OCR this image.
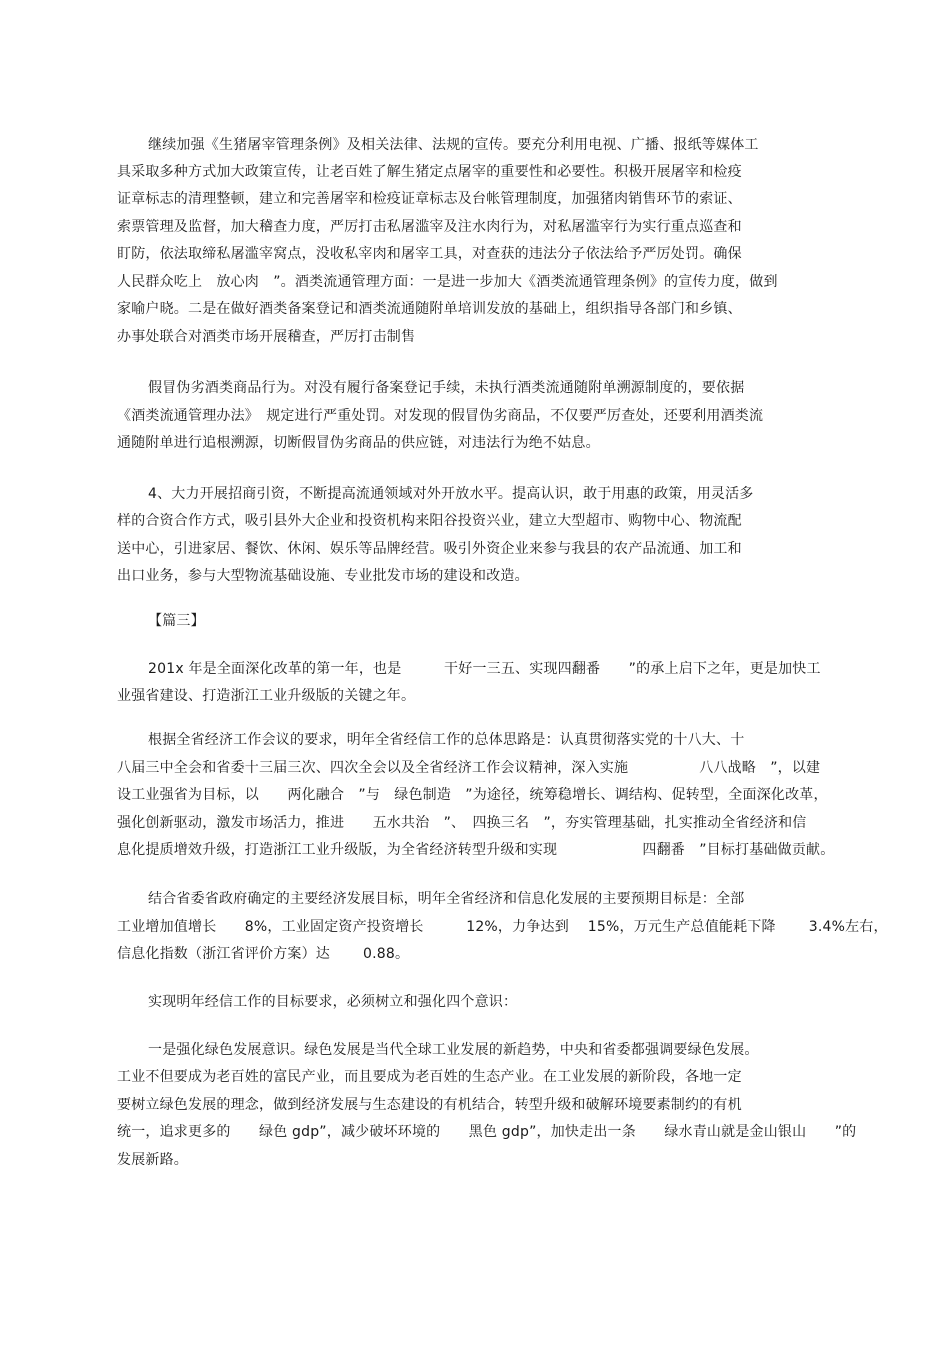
继续加强《生猪屠宰管理条例》及相关法律、法规的宣传。要充分利用电视、广播、报纸等媒体工
具采取多种方式加大政策宣传，让老百姓了解生猪定点屠宰的重要性和必要性。积极开展屠宰和检疫
证章标志的清理整顿，建立和完善屠宰和检疫证章标志及台帐管理制度，加强猪肉销售环节的索证、
索票管理及监督，加大稽查力度，严厉打击私屠滥宰及注水肉行为，对私屠滥宰行为实行重点巡查和
盯防，依法取缔私屠滥宰窝点，没收私宰肉和屠宰工具，对查获的违法分子依法给予严厉处罚。确保
人民群众吃上　放心肉　”。酒类流通管理方面：一是进一步加大《酒类流通管理条例》的宣传力度，做到
家喻户晓。二是在做好酒类备案登记和酒类流通随附单培训发放的基础上，组织指导各部门和乡镇、
办事处联合对酒类市场开展稽查，严厉打击制售
假冒伪劣酒类商品行为。对没有履行备案登记手续，未执行酒类流通随附单溯源制度的，要依据
《酒类流通管理办法》　规定进行严重处罚。对发现的假冒伪劣商品，不仅要严厉查处，还要利用酒类流
通随附单进行追根溯源，切断假冒伪劣商品的供应链，对违法行为绝不姑息。
4、大力开展招商引资，不断提高流通领域对外开放水平。提高认识，敢于用惠的政策，用灵活多
样的合资合作方式，吸引县外大企业和投资机构来阳谷投资兴业，建立大型超市、购物中心、物流配
送中心，引进家居、餐饮、休闲、娱乐等品牌经营。吸引外资企业来参与我县的农产品流通、加工和
出口业务，参与大型物流基础设施、专业批发市场的建设和改造。
【篇三】
201x 年是全面深化改革的第一年，也是　　　干好一三五、实现四翻番　　”的承上启下之年，更是加快工
业强省建设、打造浙江工业升级版的关键之年。
根据全省经济工作会议的要求，明年全省经信工作的总体思路是：认真贯彻落实党的十八大、十
八届三中全会和省委十三届三次、四次全会以及全省经济工作会议精神，深入实施　　　　　八八战略　”，以建
设工业强省为目标，以　　两化融合　”与　绿色制造　”为途径，统筹稳增长、调结构、促转型，全面深化改革，
强化创新驱动，激发市场活力，推进　　五水共治　”、　四换三名　”，夯实管理基础，扎实推动全省经济和信
息化提质增效升级，打造浙江工业升级版，为全省经济转型升级和实现　　　　　　四翻番　”目标打基础做贡献。
结合省委省政府确定的主要经济发展目标，明年全省经济和信息化发展的主要预期目标是：全部
工业增加值增长　　8%，工业固定资产投资增长　　　12%，力争达到　 15%，万元生产总值能耗下降　　 3.4%左右，
信息化指数（浙江省评价方案）达　　 0.88。
实现明年经信工作的目标要求，必须树立和强化四个意识：
一是强化绿色发展意识。绿色发展是当代全球工业发展的新趋势，中央和省委都强调要绿色发展。
工业不但要成为老百姓的富民产业，而且要成为老百姓的生态产业。在工业发展的新阶段，各地一定
要树立绿色发展的理念，做到经济发展与生态建设的有机结合，转型升级和破解环境要素制约的有机
统一，追求更多的　　绿色 gdp”，减少破坏环境的　　黑色 gdp”，加快走出一条　　绿水青山就是金山银山　　”的
发展新路。
